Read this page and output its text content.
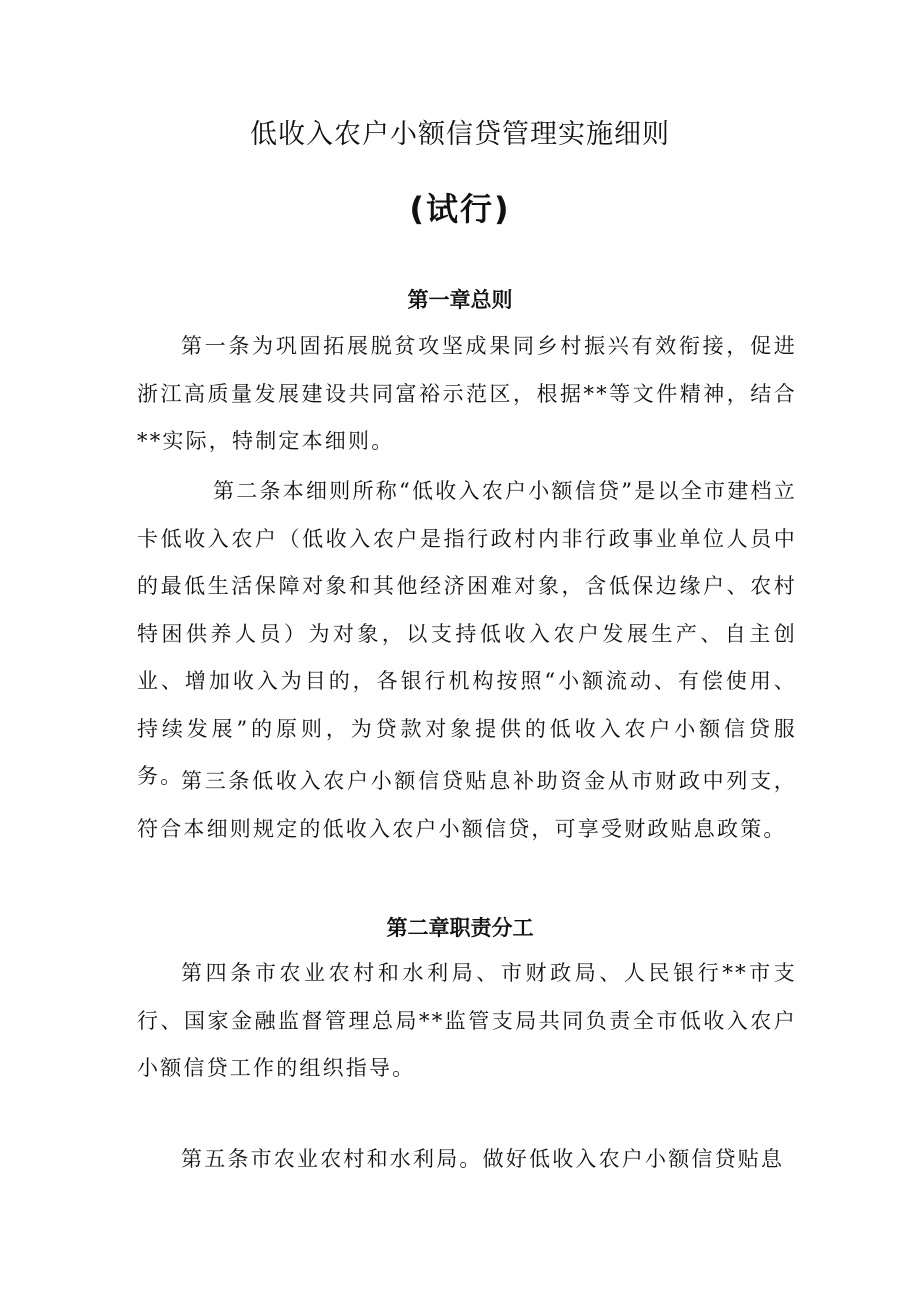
低收入农户小额信贷管理实施细则
(试行)
第一章总则

第一条为巩固拓展脱贫攻坚成果同乡村振兴有效衔接，促进浙江高质量发展建设共同富裕示范区，根据**等文件精神，结合**实际，特制定本细则。

第二条本细则所称“低收入农户小额信贷”是以全市建档立卡低收入农户（低收入农户是指行政村内非行政事业单位人员中的最低生活保障对象和其他经济困难对象，含低保边缘户、农村特困供养人员）为对象，以支持低收入农户发展生产、自主创业、增加收入为目的，各银行机构按照“小额流动、有偿使用、持续发展”的原则，为贷款对象提供的低收入农户小额信贷服务。

第三条低收入农户小额信贷贴息补助资金从市财政中列支，符合本细则规定的低收入农户小额信贷，可享受财政贴息政策。

第二章职责分工

第四条市农业农村和水利局、市财政局、人民银行**市支行、国家金融监督管理总局**监管支局共同负责全市低收入农户小额信贷工作的组织指导。

第五条市农业农村和水利局。做好低收入农户小额信贷贴息
